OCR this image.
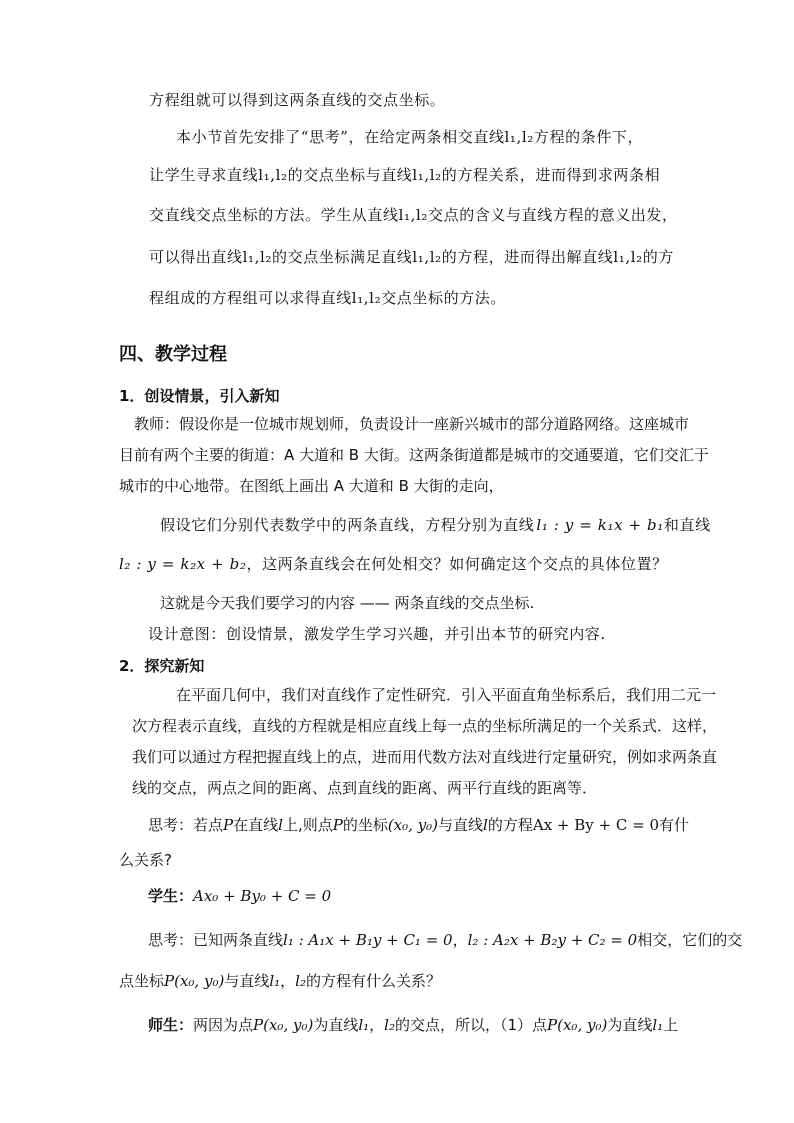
方程组就可以得到这两条直线的交点坐标。
本小节首先安排了“思考”，在给定两条相交直线l₁,l₂方程的条件下，
让学生寻求直线l₁,l₂的交点坐标与直线l₁,l₂的方程关系，进而得到求两条相
交直线交点坐标的方法。学生从直线l₁,l₂交点的含义与直线方程的意义出发，
可以得出直线l₁,l₂的交点坐标满足直线l₁,l₂的方程，进而得出解直线l₁,l₂的方
程组成的方程组可以求得直线l₁,l₂交点坐标的方法。
四、教学过程
1．创设情景，引入新知
教师：假设你是一位城市规划师，负责设计一座新兴城市的部分道路网络。这座城市
目前有两个主要的街道：A 大道和 B 大街。这两条街道都是城市的交通要道，它们交汇于
城市的中心地带。在图纸上画出 A 大道和 B 大街的走向，
假设它们分别代表数学中的两条直线，方程分别为直线 l₁ : y = k₁x + b₁和直线
l₂ : y = k₂x + b₂，这两条直线会在何处相交？如何确定这个交点的具体位置？
这就是今天我们要学习的内容 —— 两条直线的交点坐标.
设计意图：创设情景，激发学生学习兴趣，并引出本节的研究内容.
2．探究新知
在平面几何中，我们对直线作了定性研究．引入平面直角坐标系后，我们用二元一
次方程表示直线，直线的方程就是相应直线上每一点的坐标所满足的一个关系式．这样，
我们可以通过方程把握直线上的点，进而用代数方法对直线进行定量研究，例如求两条直
线的交点，两点之间的距离、点到直线的距离、两平行直线的距离等．
思考：若点P在直线l上,则点P的坐标(x₀, y₀)与直线l的方程Ax + By + C = 0有什
么关系?
学生：Ax₀ + By₀ + C = 0
思考：已知两条直线l₁ : A₁x + B₁y + C₁ = 0，l₂ : A₂x + B₂y + C₂ = 0相交，它们的交
点坐标P(x₀, y₀)与直线l₁，l₂的方程有什么关系？
师生：两因为点P(x₀, y₀)为直线l₁，l₂的交点，所以，（1）点P(x₀, y₀)为直线l₁上
